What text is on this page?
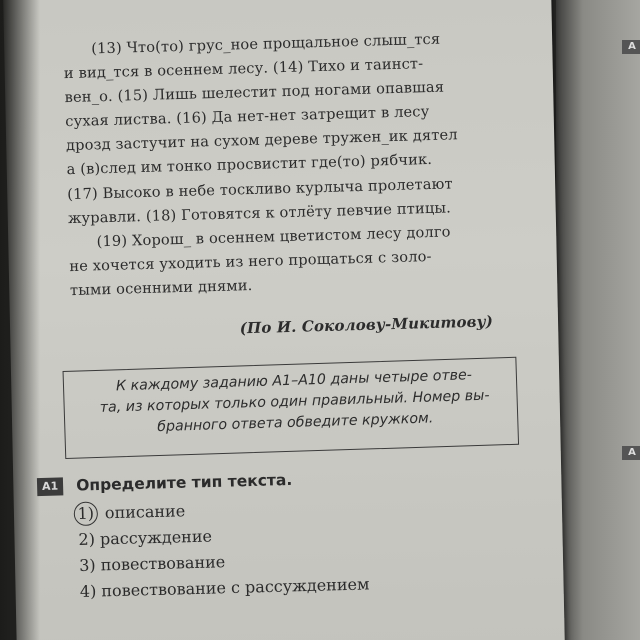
А
А
(13) Что(то) грус_ное прощальное слыш_тся
и вид_тся в осеннем лесу. (14) Тихо и таинст-
вен_о. (15) Лишь шелестит под ногами опавшая
сухая листва. (16) Да нет-нет затрещит в лесу
дрозд застучит на сухом дереве тружен_ик дятел
а (в)след им тонко просвистит где(то) рябчик.
(17) Высоко в небе тоскливо курлыча пролетают
журавли. (18) Готовятся к отлёту певчие птицы.
(19) Хорош_ в осеннем цветистом лесу долго
не хочется уходить из него прощаться с золо-
тыми осенними днями.
(По И. Соколову-Микитову)
К каждому заданию А1–А10 даны четыре отве-
та, из которых только один правильный. Номер вы-
бранного ответа обведите кружком.
А1 Определите тип текста.
1) описание
2) рассуждение
3) повествование
4) повествование с рассуждением
